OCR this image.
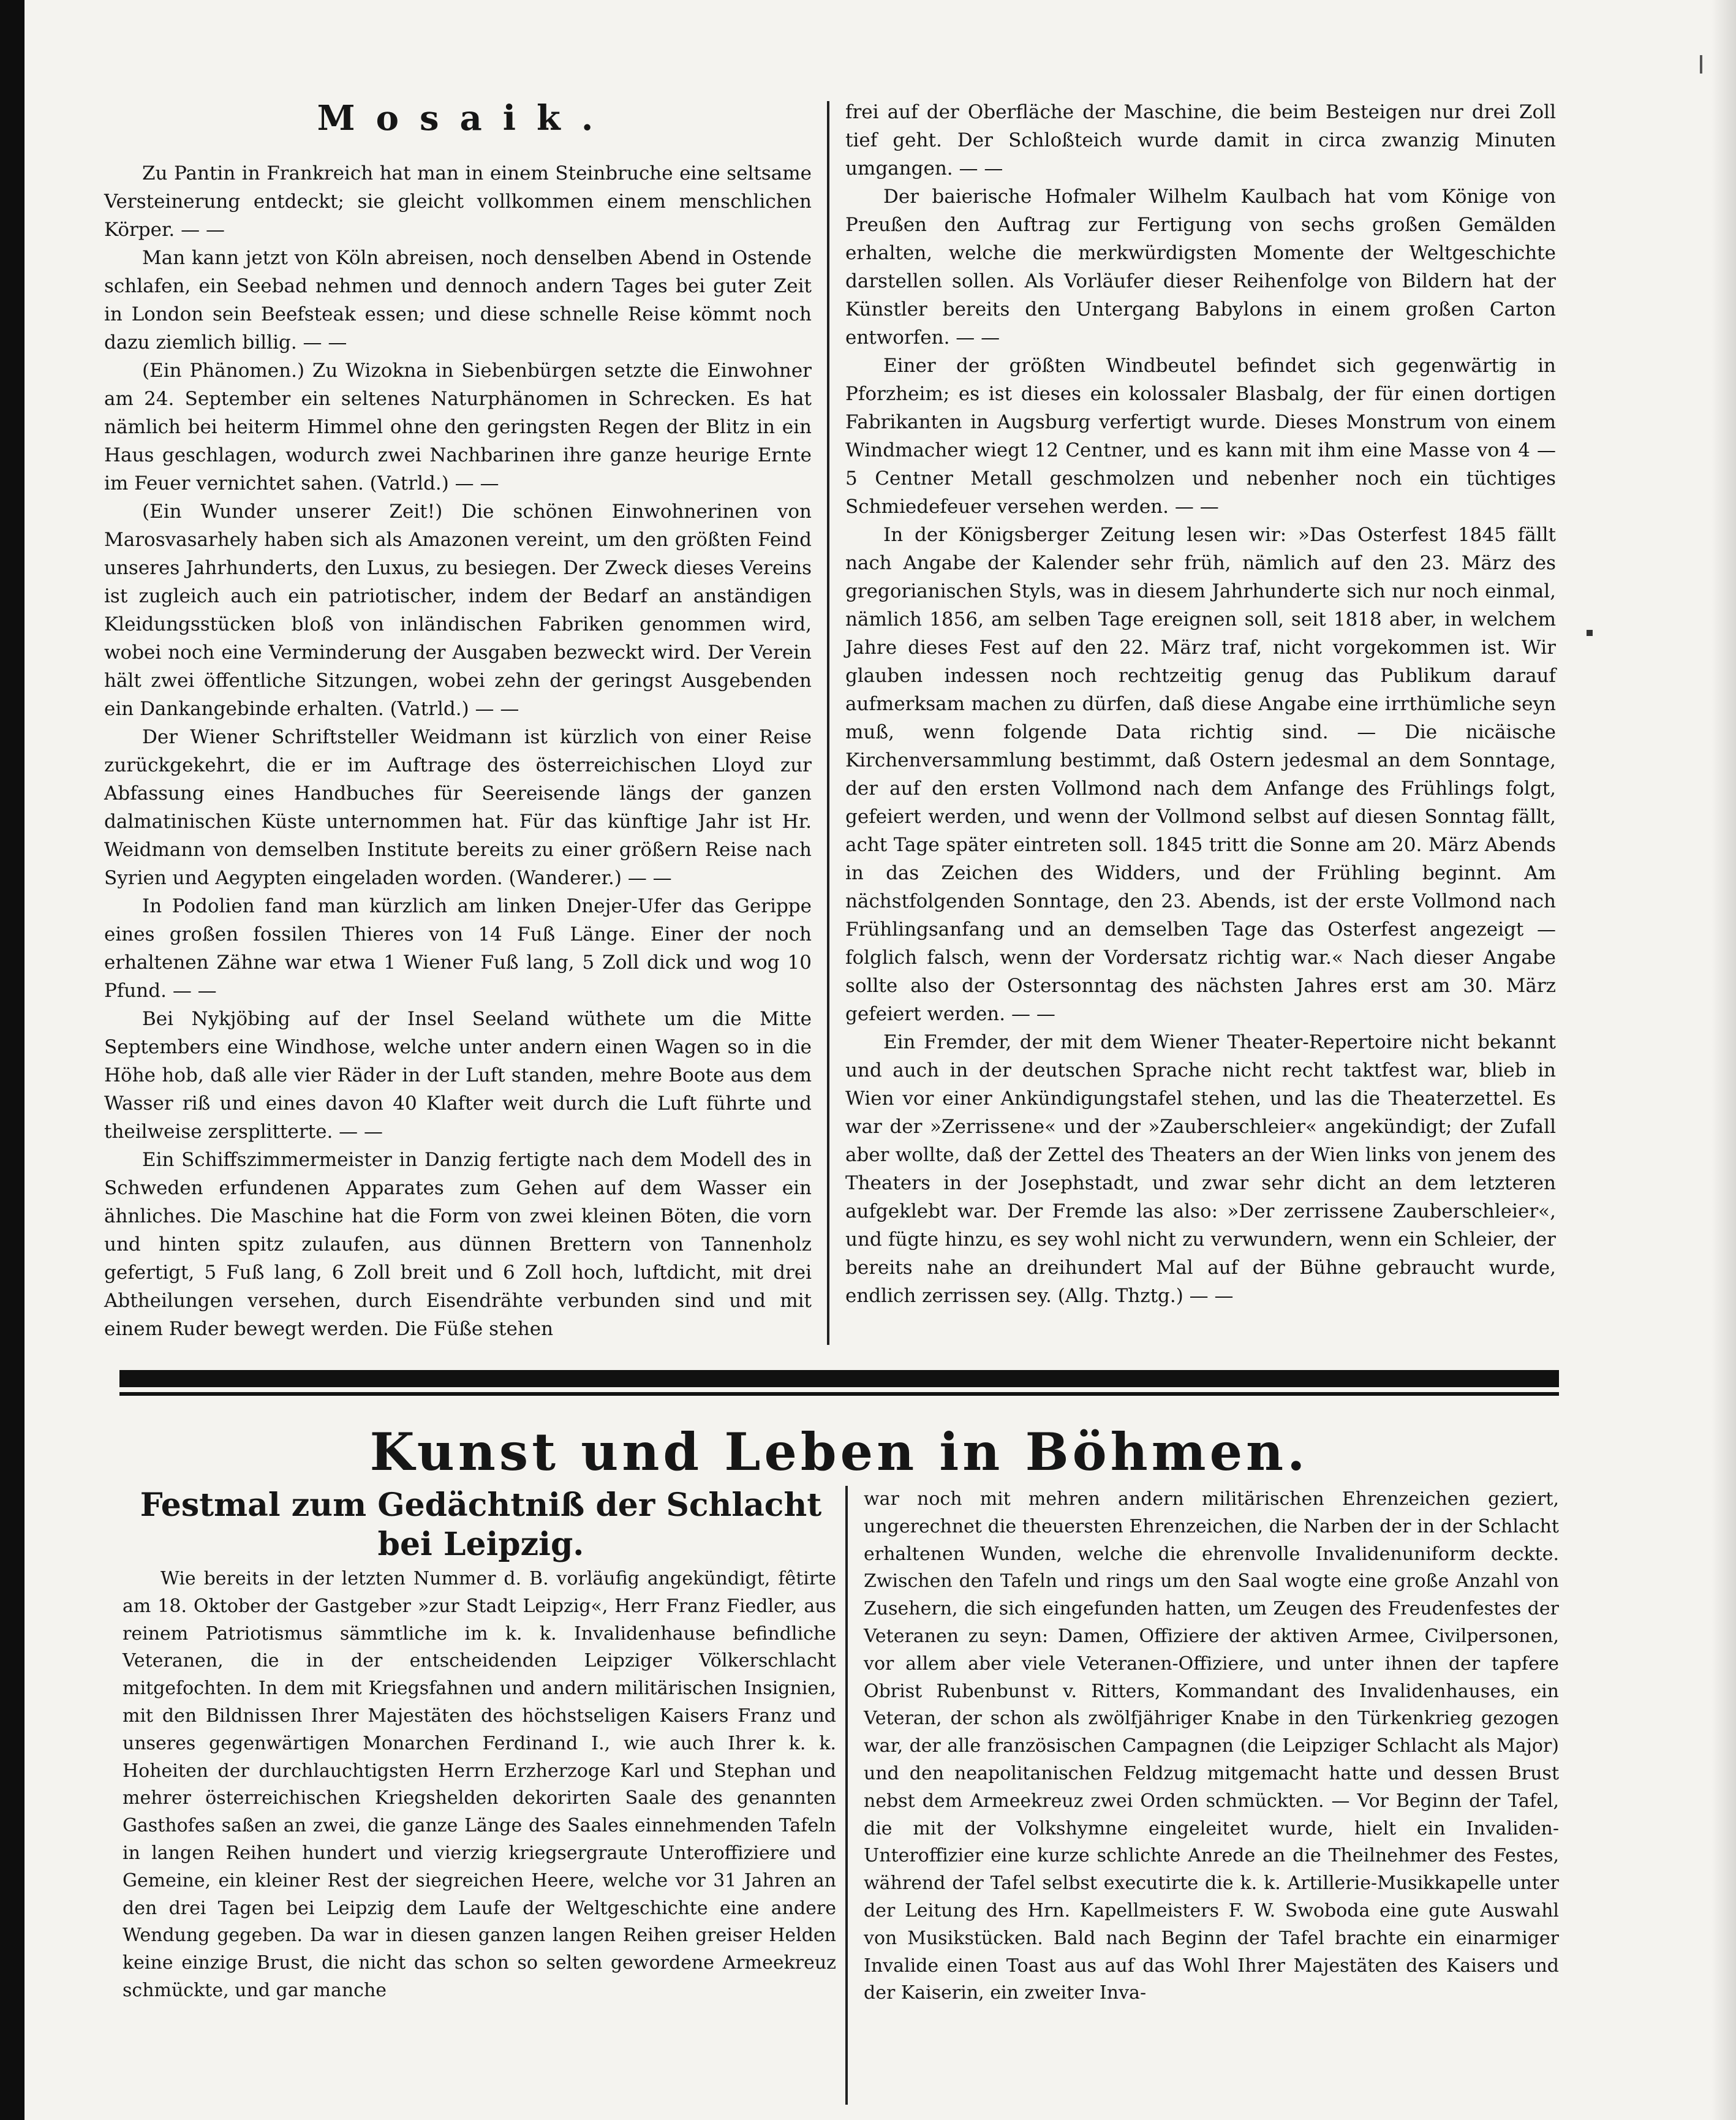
Mosaik.

Zu Pantin in Frankreich hat man in einem Steinbruche eine seltsame Versteinerung entdeckt; sie gleicht vollkommen einem menschlichen Körper. — —

Man kann jetzt von Köln abreisen, noch denselben Abend in Ostende schlafen, ein Seebad nehmen und dennoch andern Tages bei guter Zeit in London sein Beefsteak essen; und diese schnelle Reise kömmt noch dazu ziemlich billig. — —

(Ein Phänomen.) Zu Wizokna in Siebenbürgen setzte die Einwohner am 24. September ein seltenes Naturphänomen in Schrecken. Es hat nämlich bei heiterm Himmel ohne den geringsten Regen der Blitz in ein Haus geschlagen, wodurch zwei Nachbarinen ihre ganze heurige Ernte im Feuer vernichtet sahen. (Vatrld.) — —

(Ein Wunder unserer Zeit!) Die schönen Einwohnerinen von Marosvasarhely haben sich als Amazonen vereint, um den größten Feind unseres Jahrhunderts, den Luxus, zu besiegen. Der Zweck dieses Vereins ist zugleich auch ein patriotischer, indem der Bedarf an anständigen Kleidungsstücken bloß von inländischen Fabriken genommen wird, wobei noch eine Verminderung der Ausgaben bezweckt wird. Der Verein hält zwei öffentliche Sitzungen, wobei zehn der geringst Ausgebenden ein Dankangebinde erhalten. (Vatrld.) — —

Der Wiener Schriftsteller Weidmann ist kürzlich von einer Reise zurückgekehrt, die er im Auftrage des österreichischen Lloyd zur Abfassung eines Handbuches für Seereisende längs der ganzen dalmatinischen Küste unternommen hat. Für das künftige Jahr ist Hr. Weidmann von demselben Institute bereits zu einer größern Reise nach Syrien und Aegypten eingeladen worden. (Wanderer.) — —

In Podolien fand man kürzlich am linken Dnejer-Ufer das Gerippe eines großen fossilen Thieres von 14 Fuß Länge. Einer der noch erhaltenen Zähne war etwa 1 Wiener Fuß lang, 5 Zoll dick und wog 10 Pfund. — —

Bei Nykjöbing auf der Insel Seeland wüthete um die Mitte Septembers eine Windhose, welche unter andern einen Wagen so in die Höhe hob, daß alle vier Räder in der Luft standen, mehre Boote aus dem Wasser riß und eines davon 40 Klafter weit durch die Luft führte und theilweise zersplitterte. — —

Ein Schiffszimmermeister in Danzig fertigte nach dem Modell des in Schweden erfundenen Apparates zum Gehen auf dem Wasser ein ähnliches. Die Maschine hat die Form von zwei kleinen Böten, die vorn und hinten spitz zulaufen, aus dünnen Brettern von Tannenholz gefertigt, 5 Fuß lang, 6 Zoll breit und 6 Zoll hoch, luftdicht, mit drei Abtheilungen versehen, durch Eisendrähte verbunden sind und mit einem Ruder bewegt werden. Die Füße stehen

frei auf der Oberfläche der Maschine, die beim Besteigen nur drei Zoll tief geht. Der Schloßteich wurde damit in circa zwanzig Minuten umgangen. — —

Der baierische Hofmaler Wilhelm Kaulbach hat vom Könige von Preußen den Auftrag zur Fertigung von sechs großen Gemälden erhalten, welche die merkwürdigsten Momente der Weltgeschichte darstellen sollen. Als Vorläufer dieser Reihenfolge von Bildern hat der Künstler bereits den Untergang Babylons in einem großen Carton entworfen. — —

Einer der größten Windbeutel befindet sich gegenwärtig in Pforzheim; es ist dieses ein kolossaler Blasbalg, der für einen dortigen Fabrikanten in Augsburg verfertigt wurde. Dieses Monstrum von einem Windmacher wiegt 12 Centner, und es kann mit ihm eine Masse von 4 — 5 Centner Metall geschmolzen und nebenher noch ein tüchtiges Schmiedefeuer versehen werden. — —

In der Königsberger Zeitung lesen wir: »Das Osterfest 1845 fällt nach Angabe der Kalender sehr früh, nämlich auf den 23. März des gregorianischen Styls, was in diesem Jahrhunderte sich nur noch einmal, nämlich 1856, am selben Tage ereignen soll, seit 1818 aber, in welchem Jahre dieses Fest auf den 22. März traf, nicht vorgekommen ist. Wir glauben indessen noch rechtzeitig genug das Publikum darauf aufmerksam machen zu dürfen, daß diese Angabe eine irrthümliche seyn muß, wenn folgende Data richtig sind. — Die nicäische Kirchenversammlung bestimmt, daß Ostern jedesmal an dem Sonntage, der auf den ersten Vollmond nach dem Anfange des Frühlings folgt, gefeiert werden, und wenn der Vollmond selbst auf diesen Sonntag fällt, acht Tage später eintreten soll. 1845 tritt die Sonne am 20. März Abends in das Zeichen des Widders, und der Frühling beginnt. Am nächstfolgenden Sonntage, den 23. Abends, ist der erste Vollmond nach Frühlingsanfang und an demselben Tage das Osterfest angezeigt — folglich falsch, wenn der Vordersatz richtig war.« Nach dieser Angabe sollte also der Ostersonntag des nächsten Jahres erst am 30. März gefeiert werden. — —

Ein Fremder, der mit dem Wiener Theater-Repertoire nicht bekannt und auch in der deutschen Sprache nicht recht taktfest war, blieb in Wien vor einer Ankündigungstafel stehen, und las die Theaterzettel. Es war der »Zerrissene« und der »Zauberschleier« angekündigt; der Zufall aber wollte, daß der Zettel des Theaters an der Wien links von jenem des Theaters in der Josephstadt, und zwar sehr dicht an dem letzteren aufgeklebt war. Der Fremde las also: »Der zerrissene Zauberschleier«, und fügte hinzu, es sey wohl nicht zu verwundern, wenn ein Schleier, der bereits nahe an dreihundert Mal auf der Bühne gebraucht wurde, endlich zerrissen sey. (Allg. Thztg.) — —

Kunst und Leben in Böhmen.
Festmal zum Gedächtniß der Schlacht bei Leipzig.

Wie bereits in der letzten Nummer d. B. vorläufig angekündigt, fêtirte am 18. Oktober der Gastgeber »zur Stadt Leipzig«, Herr Franz Fiedler, aus reinem Patriotismus sämmtliche im k. k. Invalidenhause befindliche Veteranen, die in der entscheidenden Leipziger Völkerschlacht mitgefochten. In dem mit Kriegsfahnen und andern militärischen Insignien, mit den Bildnissen Ihrer Majestäten des höchstseligen Kaisers Franz und unseres gegenwärtigen Monarchen Ferdinand I., wie auch Ihrer k. k. Hoheiten der durchlauchtigsten Herrn Erzherzoge Karl und Stephan und mehrer österreichischen Kriegshelden dekorirten Saale des genannten Gasthofes saßen an zwei, die ganze Länge des Saales einnehmenden Tafeln in langen Reihen hundert und vierzig kriegsergraute Unteroffiziere und Gemeine, ein kleiner Rest der siegreichen Heere, welche vor 31 Jahren an den drei Tagen bei Leipzig dem Laufe der Weltgeschichte eine andere Wendung gegeben. Da war in diesen ganzen langen Reihen greiser Helden keine einzige Brust, die nicht das schon so selten gewordene Armeekreuz schmückte, und gar manche

war noch mit mehren andern militärischen Ehrenzeichen geziert, ungerechnet die theuersten Ehrenzeichen, die Narben der in der Schlacht erhaltenen Wunden, welche die ehrenvolle Invalidenuniform deckte. Zwischen den Tafeln und rings um den Saal wogte eine große Anzahl von Zusehern, die sich eingefunden hatten, um Zeugen des Freudenfestes der Veteranen zu seyn: Damen, Offiziere der aktiven Armee, Civilpersonen, vor allem aber viele Veteranen-Offiziere, und unter ihnen der tapfere Obrist Rubenbunst v. Ritters, Kommandant des Invalidenhauses, ein Veteran, der schon als zwölfjähriger Knabe in den Türkenkrieg gezogen war, der alle französischen Campagnen (die Leipziger Schlacht als Major) und den neapolitanischen Feldzug mitgemacht hatte und dessen Brust nebst dem Armeekreuz zwei Orden schmückten. — Vor Beginn der Tafel, die mit der Volkshymne eingeleitet wurde, hielt ein Invaliden-Unteroffizier eine kurze schlichte Anrede an die Theilnehmer des Festes, während der Tafel selbst executirte die k. k. Artillerie-Musikkapelle unter der Leitung des Hrn. Kapellmeisters F. W. Swoboda eine gute Auswahl von Musikstücken. Bald nach Beginn der Tafel brachte ein einarmiger Invalide einen Toast aus auf das Wohl Ihrer Majestäten des Kaisers und der Kaiserin, ein zweiter Inva-
